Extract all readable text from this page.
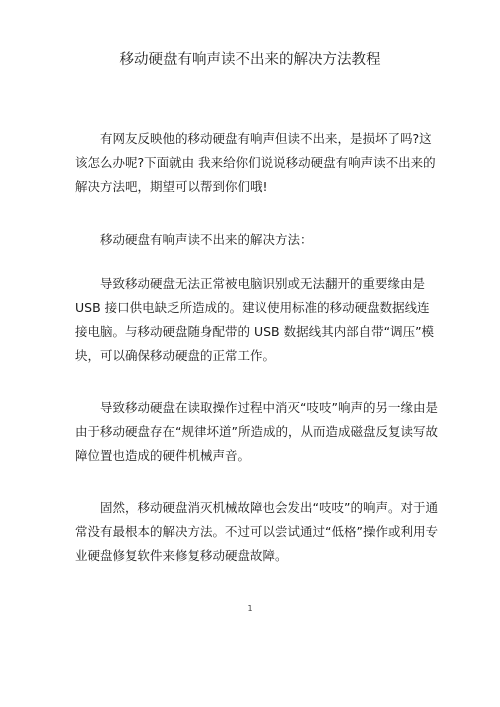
移动硬盘有响声读不出来的解决方法教程

有网友反映他的移动硬盘有响声但读不出来，是损坏了吗?这该怎么办呢?下面就由 我来给你们说说移动硬盘有响声读不出来的解决方法吧，期望可以帮到你们哦!

移动硬盘有响声读不出来的解决方法：

导致移动硬盘无法正常被电脑识别或无法翻开的重要缘由是 USB 接口供电缺乏所造成的。建议使用标准的移动硬盘数据线连接电脑。与移动硬盘随身配带的 USB 数据线其内部自带“调压”模块，可以确保移动硬盘的正常工作。

导致移动硬盘在读取操作过程中消灭“吱吱”响声的另一缘由是由于移动硬盘存在“规律坏道”所造成的，从而造成磁盘反复读写故障位置也造成的硬件机械声音。

固然，移动硬盘消灭机械故障也会发出“吱吱”的响声。对于通常没有最根本的解决方法。不过可以尝试通过“低格”操作或利用专业硬盘修复软件来修复移动硬盘故障。

1
